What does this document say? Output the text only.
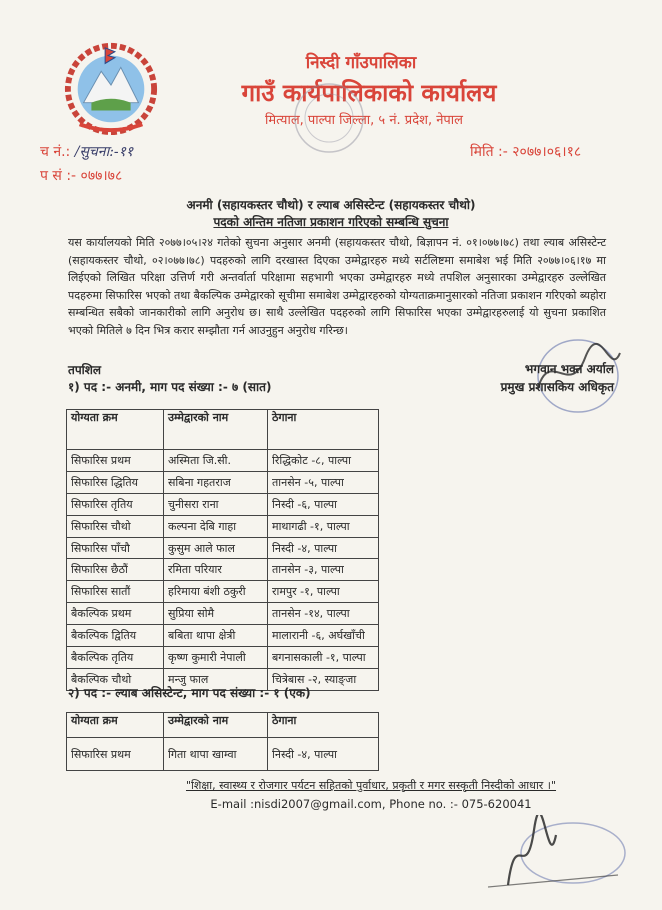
निस्दी गाँउपालिका
गाउँ कार्यपालिकाको कार्यालय
मित्याल, पाल्पा जिल्ला, ५ नं. प्रदेश, नेपाल
च नं.: /सुचना:-११
प सं :- ०७७।७८
मिति :- २०७७।०६।१८
अनमी (सहायकस्तर चौथो) र ल्याब असिस्टेन्ट (सहायकस्तर चौथो)
पदको अन्तिम नतिजा प्रकाशन गरिएको सम्बन्धि सुचना
यस कार्यालयको मिति २०७७।०५।२४ गतेको सुचना अनुसार अनमी (सहायकस्तर चौथो, बिज्ञापन नं. ०१।०७७।७८) तथा ल्याब असिस्टेन्ट (सहायकस्तर चौथो, ०२।०७७।७८) पदहरुको लागि दरखास्त दिएका उम्मेद्वारहरु मध्ये सर्टलिष्टमा समाबेश भई मिति २०७७।०६।१७ मा लिईएको लिखित परिक्षा उत्तिर्ण गरी अन्तर्वार्ता परिक्षामा सहभागी भएका उम्मेद्वारहरु मध्ये तपशिल अनुसारका उम्मेद्वारहरु उल्लेखित पदहरुमा सिफारिस भएको तथा बैकल्पिक उम्मेद्वारको सूचीमा समाबेश उम्मेद्वारहरुको योग्यताक्रमानुसारको नतिजा प्रकाशन गरिएको ब्यहोरा सम्बन्धित सबैको जानकारीको लागि अनुरोध छ। साथै उल्लेखित पदहरुको लागि सिफारिस भएका उम्मेद्वारहरुलाई यो सुचना प्रकाशित भएको मितिले ७ दिन भित्र करार सम्झौता गर्न आउनुहुन अनुरोध गरिन्छ।
तपशिल
१) पद :- अनमी, माग पद संख्या :- ७ (सात)
भगवान भक्त अर्याल
प्रमुख प्रशासकिय अधिकृत
योग्यता क्रम	उम्मेद्वारको नाम	ठेगाना
सिफारिस प्रथम	अस्मिता जि.सी.	रिद्धिकोट -८, पाल्पा
सिफारिस द्धितिय	सबिना गहतराज	तानसेन -५, पाल्पा
सिफारिस तृतिय	चुनीसरा राना	निस्दी -६, पाल्पा
सिफारिस चौथो	कल्पना देबि गाहा	माथागढी -१, पाल्पा
सिफारिस पाँचौ	कुसुम आले फाल	निस्दी -४, पाल्पा
सिफारिस छैठौं	रमिता परियार	तानसेन -३, पाल्पा
सिफारिस सातौं	हरिमाया बंशी ठकुरी	रामपुर -१, पाल्पा
बैकल्पिक प्रथम	सुप्रिया सोमै	तानसेन -१४, पाल्पा
बैकल्पिक द्वितिय	बबिता थापा क्षेत्री	मालारानी -६, अर्घखाँची
बैकल्पिक तृतिय	कृष्ण कुमारी नेपाली	बगनासकाली -१, पाल्पा
बैकल्पिक चौथो	मन्जु फाल	चित्रेबास -२, स्याङ्जा
२) पद :- ल्याब असिस्टेन्ट, माग पद संख्या :- १ (एक)
योग्यता क्रम	उम्मेद्वारको नाम	ठेगाना
सिफारिस प्रथम	गिता थापा खाम्वा	निस्दी -४, पाल्पा
"शिक्षा, स्वास्थ्य र रोजगार पर्यटन सहितको पुर्वाधार, प्रकृती र मगर सस्कृती निस्दीको आधार ।"
E-mail :nisdi2007@gmail.com, Phone no. :- 075-620041
